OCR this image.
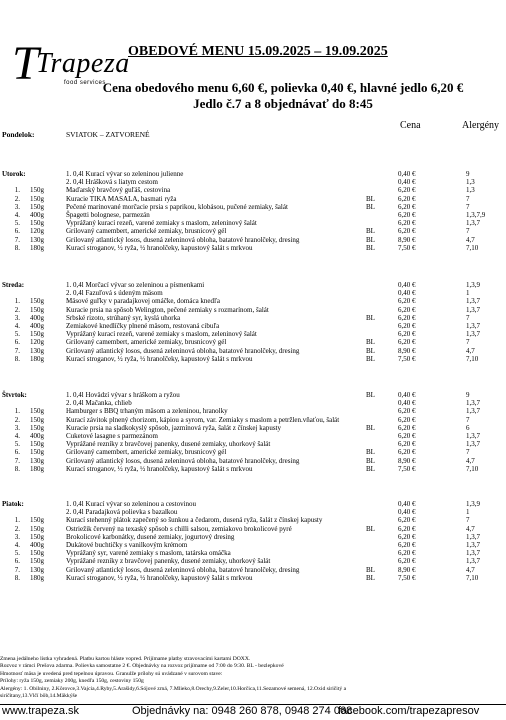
T
Trapeza
food services
OBEDOVÉ MENU 15.09.2025 – 19.09.2025
Cena obedového menu 6,60 €, polievka 0,40 €, hlavné jedlo 6,20 €
Jedlo č.7 a 8 objednávať do 8:45
Cena	Alergény
Pondelok:	SVIATOK – ZATVORENÉ
Utorok:	1. 0,4l Kurací vývar so zeleninou julienne	0,40 €	9
2. 0,4l Hrášková s liatym cestom	0,40 €	1,3
1. 150g	Maďarský bravčový guľáš, cestovina	6,20 €	1,3
2. 150g	Kuracie TIKA MASALA, basmati ryža	BL	6,20 €	7
3. 150g	Pečené marinované morčacie prsia s paprikou, klobásou, pučené zemiaky, šalát	BL	6,20 €	7
4. 400g	Špagetti bolognese, parmezán	6,20 €	1,3,7,9
5. 150g	Vyprážaný kurací rezeň, varené zemiaky s maslom, zeleninový šalát	6,20 €	1,3,7
6. 120g	Grilovaný camembert, americké zemiaky, brusnicový gél	BL	6,20 €	7
7. 130g	Grilovaný atlantický losos, dusená zeleninová obloha, batatové hranolčeky, dresing	BL	8,90 €	4,7
8. 180g	Kurací stroganov, ½ ryža, ½ hranolčeky, kapustový šalát s mrkvou	BL	7,50 €	7,10
Streda:	1. 0,4l Morčací vývar so zeleninou a písmenkami	0,40 €	1,3,9
2. 0,4l Fazuľová s údeným mäsom	0,40 €	1
1. 150g	Mäsové guľky v paradajkovej omáčke, domáca knedľa	6,20 €	1,3,7
2. 150g	Kuracie prsia na spôsob Welington, pečené zemiaky s rozmarínom, šalát	6,20 €	1,3,7
3. 400g	Srbské rizoto, strúhaný syr, kyslá uhorka	BL	6,20 €	7
4. 400g	Zemiakové knedlíčky plnené mäsom, restovaná cibuľa	6,20 €	1,3,7
5. 150g	Vyprážaný kurací rezeň, varené zemiaky s maslom, zeleninový šalát	6,20 €	1,3,7
6. 120g	Grilovaný camembert, americké zemiaky, brusnicový gél	BL	6,20 €	7
7. 130g	Grilovaný atlantický losos, dusená zeleninová obloha, batatové hranolčeky, dresing	BL	8,90 €	4,7
8. 180g	Kurací stroganov, ½ ryža, ½ hranolčeky, kapustový šalát s mrkvou	BL	7,50 €	7,10
Štvrtok:	1. 0,4l Hovädzí vývar s hráškom a ryžou	BL	0,40 €	9
2. 0,4l Mačanka, chlieb	0,40 €	1,3,7
1. 150g	Hamburger s BBQ trhaným mäsom a zeleninou, hranolky	6,20 €	1,3,7
2. 150g	Kurací závitok plnený chorizom, kápiou a syrom, var. Zemiaky s maslom a petržlen.vňaťou, šalát	6,20 €	7
3. 150g	Kuracie prsia na sladkokyslý spôsob, jazmínová ryža, šalát z čínskej kapusty	BL	6,20 €	6
4. 400g	Cuketové lasagne s parmezánom	6,20 €	1,3,7
5. 150g	Vyprážané rezníky z bravčovej panenky, dusené zemiaky, uhorkový šalát	6,20 €	1,3,7
6. 150g	Grilovaný camembert, americké zemiaky, brusnicový gél	BL	6,20 €	7
7. 130g	Grilovaný atlantický losos, dusená zeleninová obloha, batatové hranolčeky, dresing	BL	8,90 €	4,7
8. 180g	Kurací stroganov, ½ ryža, ½ hranolčeky, kapustový šalát s mrkvou	BL	7,50 €	7,10
Piatok:	1. 0,4l Kurací vývar so zeleninou a cestovinou	0,40 €	1,3,9
2. 0,4l Paradajková polievka s bazalkou	0,40 €	1
1. 150g	Kurací stehenný plátok zapečený so šunkou a čedarom, dusená ryža, šalát z čínskej kapusty	6,20 €	7
2. 150g	Ostriežik červený na texaský spôsob s chilli salsou, zemiakovo brokolicové pyré	BL	6,20 €	4,7
3. 150g	Brokolicové karbonátky, dusené zemiaky, jogurtový dresing	6,20 €	1,3,7
4. 400g	Dukátové buchtičky s vanilkovým krémom	6,20 €	1,3,7
5. 150g	Vyprážaný syr, varené zemiaky s maslom, tatárska omáčka	6,20 €	1,3,7
6. 150g	Vyprážané rezníky z bravčovej panenky, dusené zemiaky, uhorkový šalát	6,20 €	1,3,7
7. 130g	Grilovaný atlantický losos, dusená zeleninová obloha, batatové hranolčeky, dresing	BL	8,90 €	4,7
8. 180g	Kurací stroganov, ½ ryža, ½ hranolčeky, kapustový šalát s mrkvou	BL	7,50 €	7,10
Zmena jedálneho lístka vyhradená. Platbu kartou hláste vopred. Prijímame platby stravovacími kartami DOXX.
Rozvoz v rámci Prešova zdarma. Polievka samostatne 2 €. Objednávky na rozvoz prijímame od 7:00 do 9:30. BL - bezlepkové
Hmotnosť mäsa je uvedená pred tepelnou úpravou. Granulže prílohy sú uvádzané v surovom stave:
Prílohy: ryža 150g, zemiaky 200g, knedľa 150g, cestoviny 150g
Alergény: 1. Obilniny, 2.Kôrovce,3.Vajcia,4.Ryby,5.Arašidy,6.Sójové zrná, 7.Mlieko,8.Orechy,9.Zeler,10.Horčica,11.Sezamové semená, 12.Oxid siričitý a
siričitany,13.Vlčí bôb,14.Mäkkýše
www.trapeza.sk	Objednávky na: 0948 260 878, 0948 274 068
facebook.com/trapezapresov
